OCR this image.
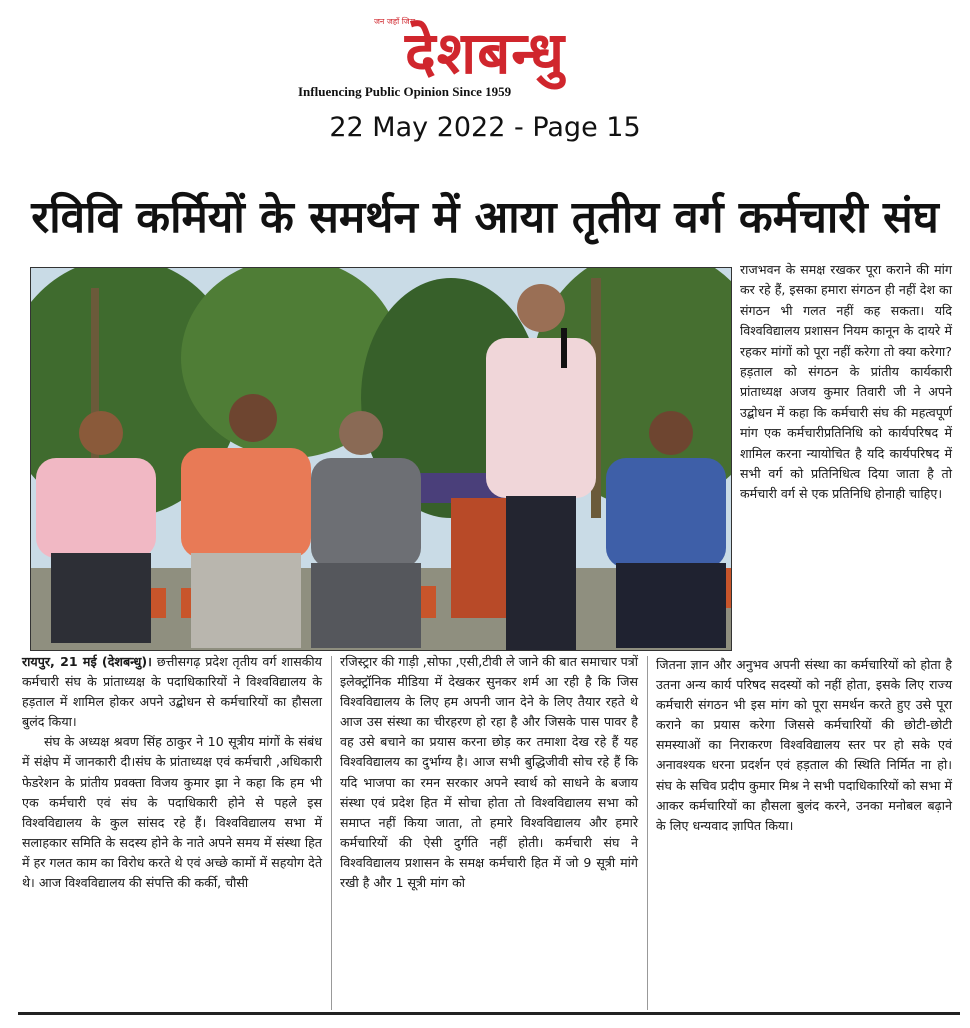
जन जहाँ जिस
देशबन्धु
Influencing Public Opinion Since 1959
22 May 2022 - Page 15
रविवि कर्मियों के समर्थन में आया तृतीय वर्ग कर्मचारी संघ
राजभवन के समक्ष रखकर पूरा कराने की मांग कर रहे हैं, इसका हमारा संगठन ही नहीं देश का संगठन भी गलत नहीं कह सकता। यदि विश्वविद्यालय प्रशासन नियम कानून के दायरे में रहकर मांगों को पूरा नहीं करेगा तो क्या करेगा? हड़ताल को संगठन के प्रांतीय कार्यकारी प्रांताध्यक्ष अजय कुमार तिवारी जी ने अपने उद्बोधन में कहा कि कर्मचारी संघ की महत्वपूर्ण मांग एक कर्मचारीप्रतिनिधि को कार्यपरिषद में शामिल करना न्यायोचित है यदि कार्यपरिषद में सभी वर्ग को प्रतिनिधित्व दिया जाता है तो कर्मचारी वर्ग से एक प्रतिनिधि होनाही चाहिए।

रायपुर, 21 मई (देशबन्धु)। छत्तीसगढ़ प्रदेश तृतीय वर्ग शासकीय कर्मचारी संघ के प्रांताध्यक्ष के पदाधिकारियों ने विश्वविद्यालय के हड़ताल में शामिल होकर अपने उद्बोधन से कर्मचारियों का हौसला बुलंद किया।

संघ के अध्यक्ष श्रवण सिंह ठाकुर ने 10 सूत्रीय मांगों के संबंध में संक्षेप में जानकारी दी।संघ के प्रांताध्यक्ष एवं कर्मचारी ,अधिकारी फेडरेशन के प्रांतीय प्रवक्ता विजय कुमार झा ने कहा कि हम भी एक कर्मचारी एवं संघ के पदाधिकारी होने से पहले इस विश्वविद्यालय के कुल सांसद रहे हैं। विश्वविद्यालय सभा में सलाहकार समिति के सदस्य होने के नाते अपने समय में संस्था हित में हर गलत काम का विरोध करते थे एवं अच्छे कामों में सहयोग देते थे। आज विश्वविद्यालय की संपत्ति की कर्की, चौसी

रजिस्ट्रार की गाड़ी ,सोफा ,एसी,टीवी ले जाने की बात समाचार पत्रों इलेक्ट्रॉनिक मीडिया में देखकर सुनकर शर्म आ रही है कि जिस विश्वविद्यालय के लिए हम अपनी जान देने के लिए तैयार रहते थे आज उस संस्था का चीरहरण हो रहा है और जिसके पास पावर है वह उसे बचाने का प्रयास करना छोड़ कर तमाशा देख रहे हैं यह विश्वविद्यालय का दुर्भाग्य है। आज सभी बुद्धिजीवी सोच रहे हैं कि यदि भाजपा का रमन सरकार अपने स्वार्थ को साधने के बजाय संस्था एवं प्रदेश हित में सोचा होता तो विश्वविद्यालय सभा को समाप्त नहीं किया जाता, तो हमारे विश्वविद्यालय और हमारे कर्मचारियों की ऐसी दुर्गति नहीं होती। कर्मचारी संघ ने विश्वविद्यालय प्रशासन के समक्ष कर्मचारी हित में जो 9 सूत्री मांगे रखी है और 1 सूत्री मांग को

जितना ज्ञान और अनुभव अपनी संस्था का कर्मचारियों को होता है उतना अन्य कार्य परिषद सदस्यों को नहीं होता, इसके लिए राज्य कर्मचारी संगठन भी इस मांग को पूरा समर्थन करते हुए उसे पूरा कराने का प्रयास करेगा जिससे कर्मचारियों की छोटी-छोटी समस्याओं का निराकरण विश्वविद्यालय स्तर पर हो सके एवं अनावश्यक धरना प्रदर्शन एवं हड़ताल की स्थिति निर्मित ना हो। संघ के सचिव प्रदीप कुमार मिश्र ने सभी पदाधिकारियों को सभा में आकर कर्मचारियों का हौसला बुलंद करने, उनका मनोबल बढ़ाने के लिए धन्यवाद ज्ञापित किया।
